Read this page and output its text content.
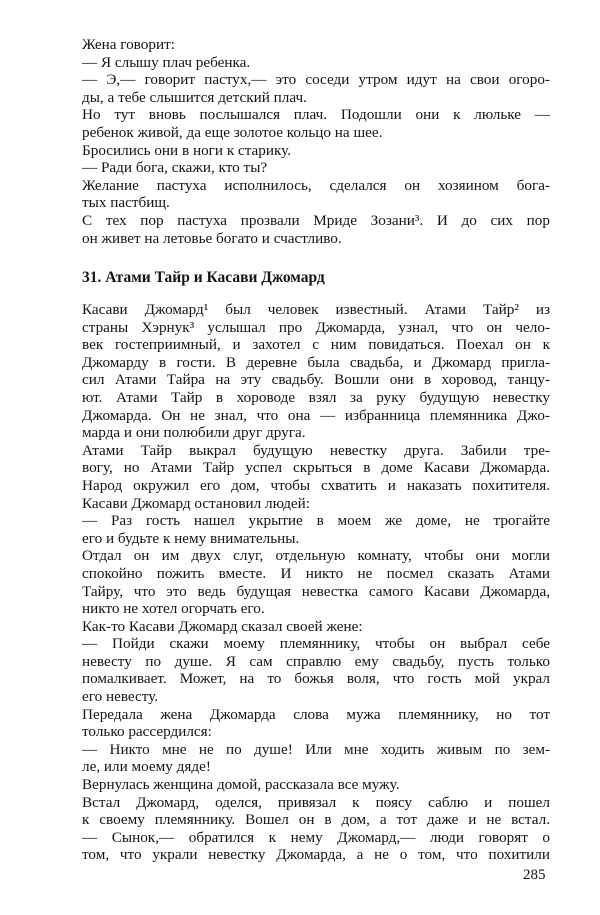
Жена говорит:
— Я слышу плач ребенка.
— Э,— говорит пастух,— это соседи утром идут на свои огоро-
ды, а тебе слышится детский плач.
Но тут вновь послышался плач. Подошли они к люльке —
ребенок живой, да еще золотое кольцо на шее.
Бросились они в ноги к старику.
— Ради бога, скажи, кто ты?
Желание пастуха исполнилось, сделался он хозяином бога-
тых пастбищ.
С тех пор пастуха прозвали Мриде Зозани³. И до сих пор
он живет на летовье богато и счастливо.
31. Атами Тайр и Касави Джомард
Касави Джомард¹ был человек известный. Атами Тайр² из
страны Хэрнук³ услышал про Джомарда, узнал, что он чело-
век гостеприимный, и захотел с ним повидаться. Поехал он к
Джомарду в гости. В деревне была свадьба, и Джомард пригла-
сил Атами Тайра на эту свадьбу. Вошли они в хоровод, танцу-
ют. Атами Тайр в хороводе взял за руку будущую невестку
Джомарда. Он не знал, что она — избранница племянника Джо-
марда и они полюбили друг друга.
Атами Тайр выкрал будущую невестку друга. Забили тре-
вогу, но Атами Тайр успел скрыться в доме Касави Джомарда.
Народ окружил его дом, чтобы схватить и наказать похитителя.
Касави Джомард остановил людей:
— Раз гость нашел укрытие в моем же доме, не трогайте
его и будьте к нему внимательны.
Отдал он им двух слуг, отдельную комнату, чтобы они могли
спокойно пожить вместе. И никто не посмел сказать Атами
Тайру, что это ведь будущая невестка самого Касави Джомарда,
никто не хотел огорчать его.
Как-то Касави Джомард сказал своей жене:
— Пойди скажи моему племяннику, чтобы он выбрал себе
невесту по душе. Я сам справлю ему свадьбу, пусть только
помалкивает. Может, на то божья воля, что гость мой украл
его невесту.
Передала жена Джомарда слова мужа племяннику, но тот
только рассердился:
— Никто мне не по душе! Или мне ходить живым по зем-
ле, или моему дяде!
Вернулась женщина домой, рассказала все мужу.
Встал Джомард, оделся, привязал к поясу саблю и пошел
к своему племяннику. Вошел он в дом, а тот даже и не встал.
— Сынок,— обратился к нему Джомард,— люди говорят о
том, что украли невестку Джомарда, а не о том, что похитили
285
